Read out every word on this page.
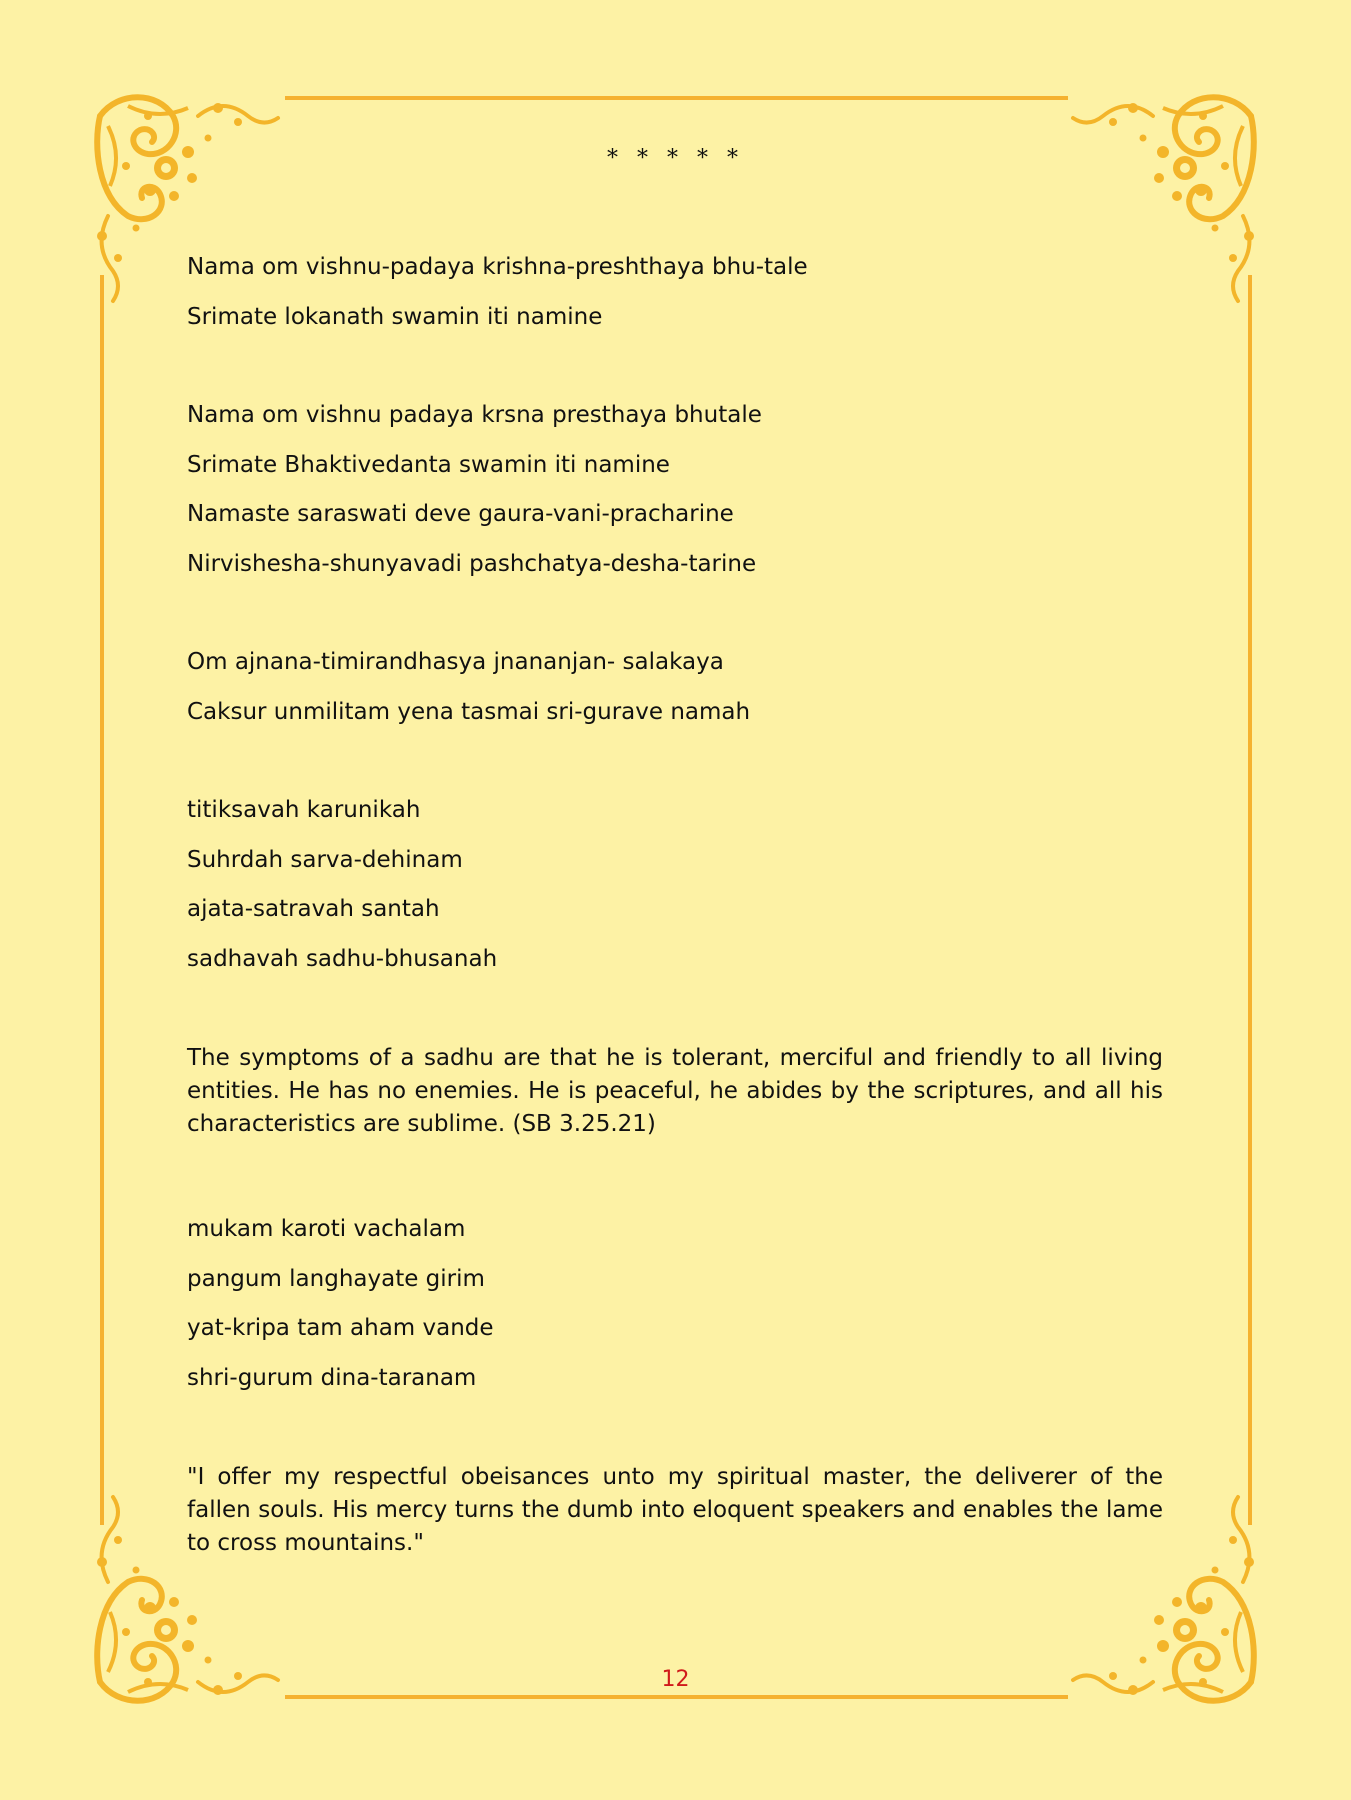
* * * * *
Nama om vishnu-padaya krishna-preshthaya bhu-tale
Srimate lokanath swamin iti namine
Nama om vishnu padaya krsna presthaya bhutale
Srimate Bhaktivedanta swamin iti namine
Namaste saraswati deve gaura-vani-pracharine
Nirvishesha-shunyavadi pashchatya-desha-tarine
Om ajnana-timirandhasya jnananjan- salakaya
Caksur unmilitam yena tasmai sri-gurave namah
titiksavah karunikah
Suhrdah sarva-dehinam
ajata-satravah santah
sadhavah sadhu-bhusanah

The symptoms of a sadhu are that he is tolerant, merciful and friendly to all living entities. He has no enemies. He is peaceful, he abides by the scriptures, and all his characteristics are sublime. (SB 3.25.21)

mukam karoti vachalam
pangum langhayate girim
yat-kripa tam aham vande
shri-gurum dina-taranam

"I offer my respectful obeisances unto my spiritual master, the deliverer of the fallen souls. His mercy turns the dumb into eloquent speakers and enables the lame to cross mountains."

12
